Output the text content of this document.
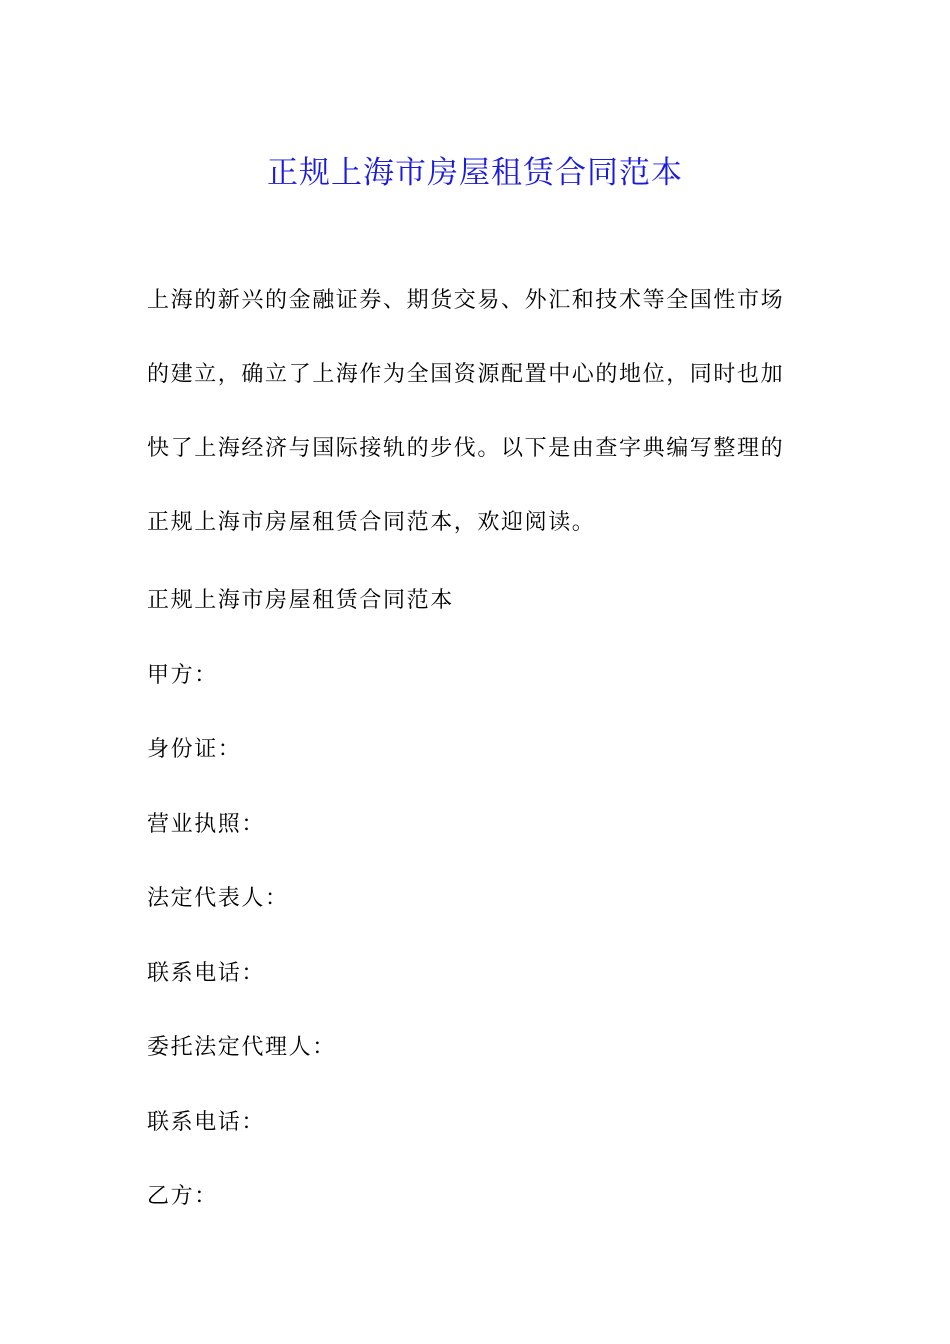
正规上海市房屋租赁合同范本

上海的新兴的金融证券、期货交易、外汇和技术等全国性市场
的建立，确立了上海作为全国资源配置中心的地位，同时也加
快了上海经济与国际接轨的步伐。以下是由查字典编写整理的
正规上海市房屋租赁合同范本，欢迎阅读。

正规上海市房屋租赁合同范本
甲方：
身份证：
营业执照：
法定代表人：
联系电话：
委托法定代理人：
联系电话：
乙方：
